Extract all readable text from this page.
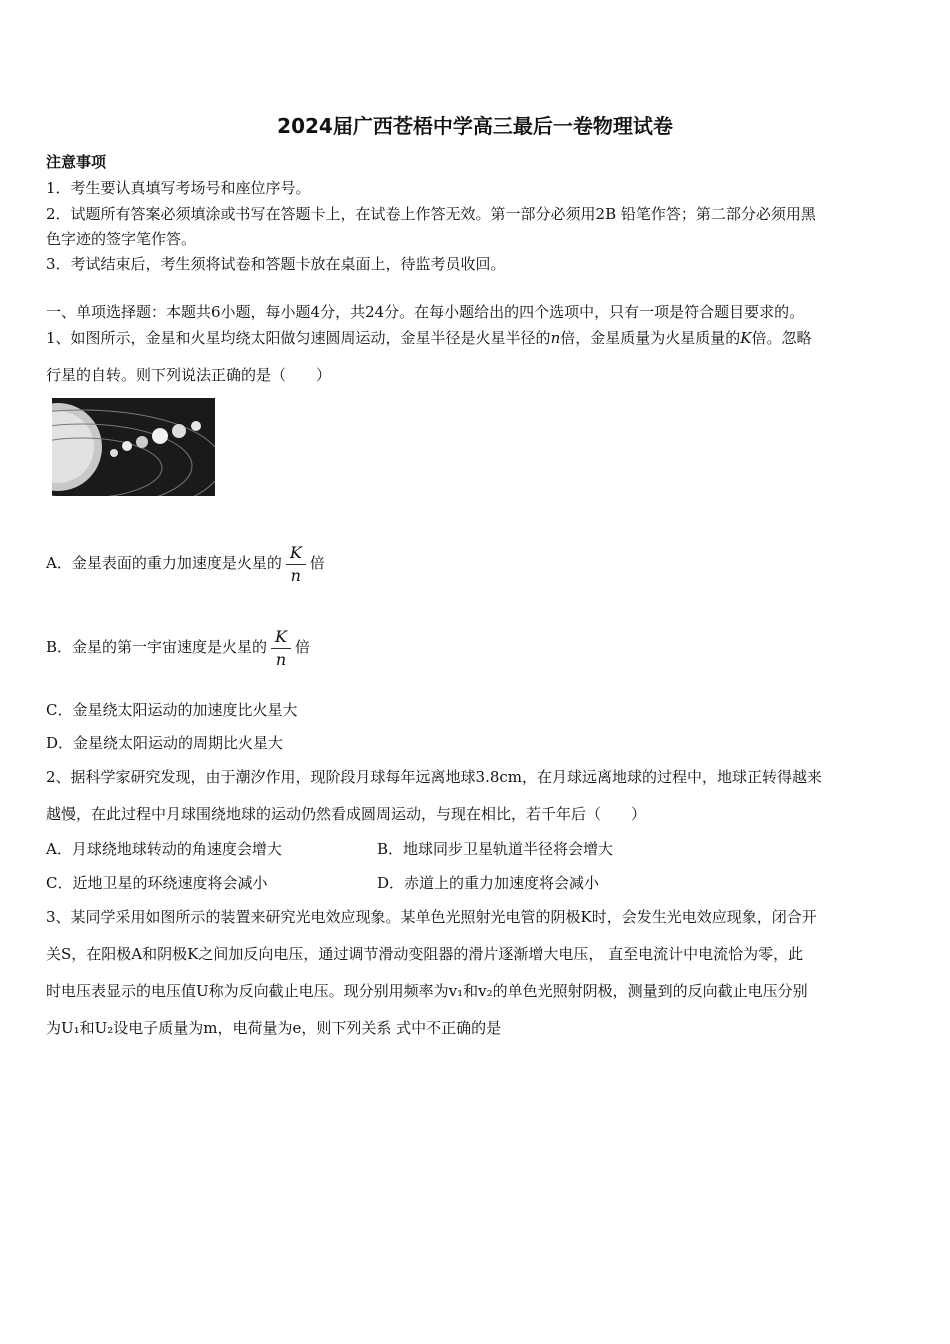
2024届广西苍梧中学高三最后一卷物理试卷
注意事项
1．考生要认真填写考场号和座位序号。
2．试题所有答案必须填涂或书写在答题卡上，在试卷上作答无效。第一部分必须用2B 铅笔作答；第二部分必须用黑
色字迹的签字笔作答。
3．考试结束后，考生须将试卷和答题卡放在桌面上，待监考员收回。
一、单项选择题：本题共6小题，每小题4分，共24分。在每小题给出的四个选项中，只有一项是符合题目要求的。
1、如图所示，金星和火星均绕太阳做匀速圆周运动，金星半径是火星半径的n倍，金星质量为火星质量的K倍。忽略
行星的自转。则下列说法正确的是（　　）
A．金星表面的重力加速度是火星的 $\frac{K}{n}$ 倍
B．金星的第一宇宙速度是火星的 $\frac{K}{n}$ 倍
C．金星绕太阳运动的加速度比火星大
D．金星绕太阳运动的周期比火星大
2、据科学家研究发现，由于潮汐作用，现阶段月球每年远离地球3.8cm，在月球远离地球的过程中，地球正转得越来
越慢，在此过程中月球围绕地球的运动仍然看成圆周运动，与现在相比，若千年后（　　）
A．月球绕地球转动的角速度会增大	B．地球同步卫星轨道半径将会增大
C．近地卫星的环绕速度将会减小	D．赤道上的重力加速度将会减小
3、某同学采用如图所示的装置来研究光电效应现象。某单色光照射光电管的阴极K时，会发生光电效应现象，闭合开
关S，在阳极A和阴极K之间加反向电压，通过调节滑动变阻器的滑片逐渐增大电压， 直至电流计中电流恰为零，此
时电压表显示的电压值U称为反向截止电压。现分别用频率为v₁和v₂的单色光照射阴极，测量到的反向截止电压分别
为U₁和U₂设电子质量为m，电荷量为e，则下列关系 式中不正确的是
